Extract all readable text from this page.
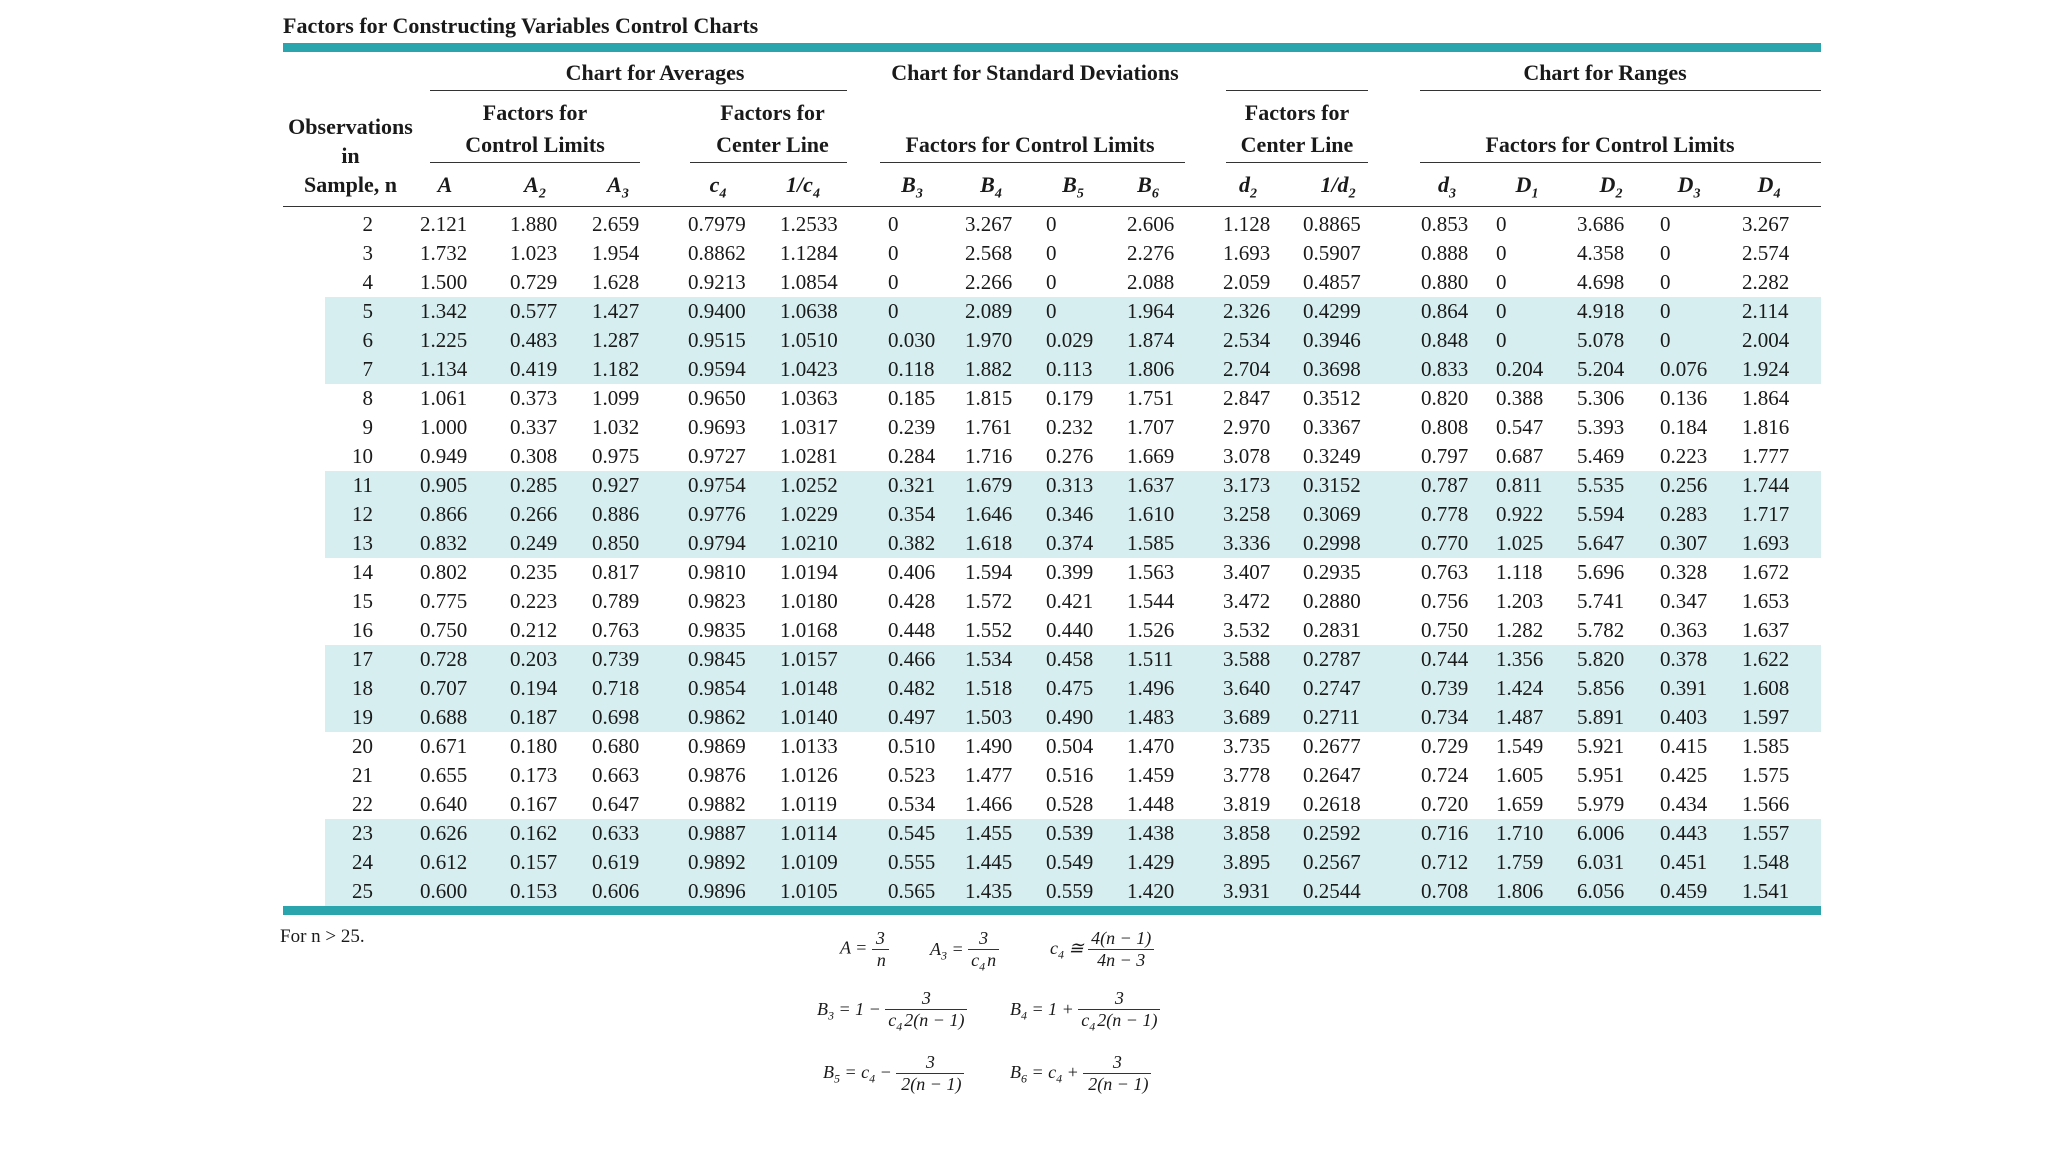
Factors for Constructing Variables Control Charts
Chart for Averages	Chart for Standard Deviations	Chart for Ranges
Factors for
Control Limits
Factors for
Center Line	Factors for Control Limits
Factors for
Center Line	Factors for Control Limits
Observations
in
Sample, n	A	$A_2$	$A_3$	$c_4$	$1/c_4$	$B_3$	$B_4$	$B_5$	$B_6$	$d_2$	$1/d_2$	$d_3$	$D_1$	$D_2$	$D_3$	$D_4$
2 2.121 1.880 2.659 0.7979 1.2533 0	3.267 0	2.606 1.128 0.8865	0.853 0	3.686 0	3.267
3 1.732 1.023 1.954 0.8862 1.1284 0	2.568 0	2.276 1.693 0.5907	0.888 0	4.358 0	2.574
4 1.500 0.729 1.628 0.9213 1.0854 0	2.266 0	2.088 2.059 0.4857	0.880 0	4.698 0	2.282
5 1.342 0.577 1.427 0.9400 1.0638 0	2.089 0	1.964 2.326 0.4299	0.864 0	4.918 0	2.114
6 1.225 0.483 1.287 0.9515 1.0510 0.030 1.970 0.029 1.874 2.534 0.3946	0.848 0	5.078 0	2.004
7 1.134 0.419 1.182 0.9594 1.0423 0.118 1.882 0.113 1.806 2.704 0.3698	0.833 0.204 5.204 0.076 1.924
8 1.061 0.373 1.099 0.9650 1.0363 0.185 1.815 0.179 1.751 2.847 0.3512	0.820 0.388 5.306 0.136 1.864
9 1.000 0.337 1.032 0.9693 1.0317 0.239 1.761 0.232 1.707 2.970 0.3367	0.808 0.547 5.393 0.184 1.816
10 0.949 0.308 0.975 0.9727 1.0281 0.284 1.716 0.276 1.669 3.078 0.3249	0.797 0.687 5.469 0.223 1.777
11 0.905 0.285 0.927 0.9754 1.0252 0.321 1.679 0.313 1.637 3.173 0.3152	0.787 0.811 5.535 0.256 1.744
12 0.866 0.266 0.886 0.9776 1.0229 0.354 1.646 0.346 1.610 3.258 0.3069	0.778 0.922 5.594 0.283 1.717
13 0.832 0.249 0.850 0.9794 1.0210 0.382 1.618 0.374 1.585 3.336 0.2998	0.770 1.025 5.647 0.307 1.693
14 0.802 0.235 0.817 0.9810 1.0194 0.406 1.594 0.399 1.563 3.407 0.2935	0.763 1.118 5.696 0.328 1.672
15 0.775 0.223 0.789 0.9823 1.0180 0.428 1.572 0.421 1.544 3.472 0.2880	0.756 1.203 5.741 0.347 1.653
16 0.750 0.212 0.763 0.9835 1.0168 0.448 1.552 0.440 1.526 3.532 0.2831	0.750 1.282 5.782 0.363 1.637
17 0.728 0.203 0.739 0.9845 1.0157 0.466 1.534 0.458 1.511 3.588 0.2787	0.744 1.356 5.820 0.378 1.622
18 0.707 0.194 0.718 0.9854 1.0148 0.482 1.518 0.475 1.496 3.640 0.2747	0.739 1.424 5.856 0.391 1.608
19 0.688 0.187 0.698 0.9862 1.0140 0.497 1.503 0.490 1.483 3.689 0.2711	0.734 1.487 5.891 0.403 1.597
20 0.671 0.180 0.680 0.9869 1.0133 0.510 1.490 0.504 1.470 3.735 0.2677	0.729 1.549 5.921 0.415 1.585
21 0.655 0.173 0.663 0.9876 1.0126 0.523 1.477 0.516 1.459 3.778 0.2647	0.724 1.605 5.951 0.425 1.575
22 0.640 0.167 0.647 0.9882 1.0119 0.534 1.466 0.528 1.448 3.819 0.2618	0.720 1.659 5.979 0.434 1.566
23 0.626 0.162 0.633 0.9887 1.0114 0.545 1.455 0.539 1.438 3.858 0.2592	0.716 1.710 6.006 0.443 1.557
24 0.612 0.157 0.619 0.9892 1.0109 0.555 1.445 0.549 1.429 3.895 0.2567	0.712 1.759 6.031 0.451 1.548
25 0.600 0.153 0.606 0.9896 1.0105 0.565 1.435 0.559 1.420 3.931 0.2544	0.708 1.806 6.056 0.459 1.541
For n > 25.
$A = \frac{3}{n} A_3 = \frac{3}{c_4 n}$	$c_4$ ≅ $\frac{4(n - 1)}{4n - 3}$
$B_3 = 1 - \frac{3}{c_4 2(n - 1)} B_4 = 1 + \frac{3}{c_4 2(n - 1)}$
$B_5 = c_4 - \frac{3}{2(n - 1)}$	$B_6 = c_4 + \frac{3}{2(n - 1)}$
